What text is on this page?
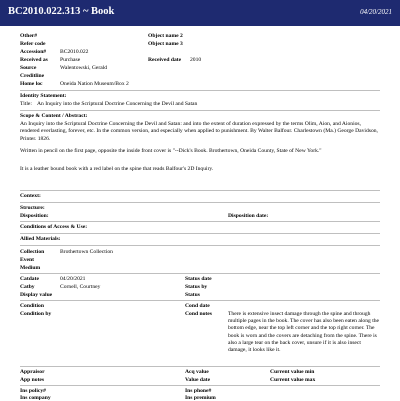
BC2010.022.313 ~ Book	04/20/2021
Other#
Refer code
Accession# BC2010.022
Received as Purchase
Source	Walentowski, Gerald
Creditline
Home loc	Oneida Nation Museum/Box 2
Object name 2
Object name 3
Received date 2010
Identity Statement:
Title: An Inquiry into the Scriptural Doctrine Concerning the Devil and Satan
Scope & Content / Abstract:
An Inquiry into the Scriptural Doctrine Concerning the Devil and Satan: and into the extent of duration expressed by the terms Olim, Aion, and Aionios, rendered everlasting, forever, etc. In the common version, and especially when applied to punishment. By Walter Balfour. Charlestown (Ma.) George Davidson, Printer. 1826.
Written in pencil on the first page, opposite the inside front cover is "--Dick's Book. Brothertown, Oneida County, State of New York."
It is a leather bound book with a red label on the spine that reads Balfour's 2D Inquiry.
Context:
Structure:
Disposition:	Disposition date:
Conditions of Access & Use:
Allied Materials:
Collection	Brothertown Collection
Event
Medium
Catdate	04/20/2021
Catby	Cornell, Courtney
Display value
Status date
Status by
Status
Condition
Condition by
Cond date
Cond notes	There is extensive insect damage through the spine and through multiple pages in the book. The cover has also been eaten along the bottom edge, near the top left corner and the top right corner. The book is worn and the covers are detaching from the spine. There is also a large tear on the back cover, unsure if it is also insect damage, it looks like it.
Appraisor
App notes
Acq value
Value date
Current value min
Current value max
Ins policy#
Ins company
Ins phone#
Ins premium
